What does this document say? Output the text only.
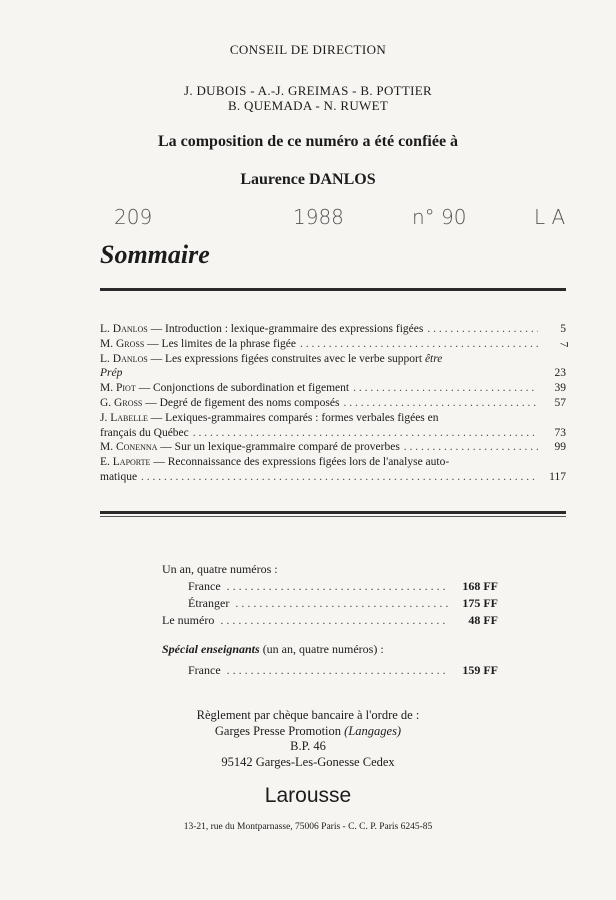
CONSEIL DE DIRECTION
J. DUBOIS - A.-J. GREIMAS - B. POTTIER
B. QUEMADA - N. RUWET
La composition de ce numéro a été confiée à
Laurence DANLOS
209	1988	n° 90	L A
Sommaire
L. Danlos — Introduction : lexique-grammaire des expressions figées . . .	5
M. Gross — Les limites de la phrase figée . . .	7
L. Danlos — Les expressions figées construites avec le verbe support être
Prép	23
M. Piot — Conjonctions de subordination et figement . . .	39
G. Gross — Degré de figement des noms composés . . .	57
J. Labelle — Lexiques-grammaires comparés : formes verbales figées en
français du Québec . . .	73
M. Conenna — Sur un lexique-grammaire comparé de proverbes . . .	99
E. Laporte — Reconnaissance des expressions figées lors de l'analyse auto-
matique . . .	117
Un an, quatre numéros :
France . . .	168 FF
Étranger . . .	175 FF
Le numéro . . .	48 FF
Spécial enseignants (un an, quatre numéros) :
France . . .	159 FF
Règlement par chèque bancaire à l'ordre de :
Garges Presse Promotion (Langages)
B.P. 46
95142 Garges-Les-Gonesse Cedex
Larousse
13-21, rue du Montparnasse, 75006 Paris - C. C. P. Paris 6245-85
